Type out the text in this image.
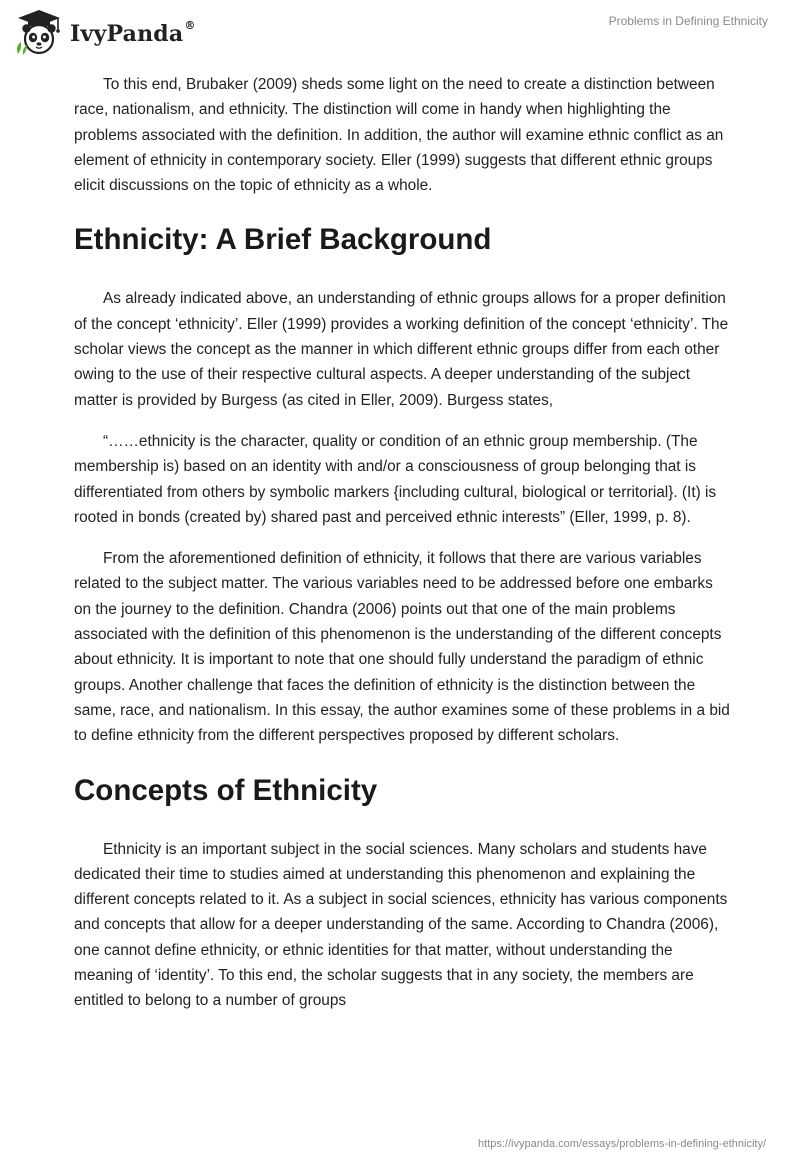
IvyPanda®	Problems in Defining Ethnicity

To this end, Brubaker (2009) sheds some light on the need to create a distinction between race, nationalism, and ethnicity. The distinction will come in handy when highlighting the problems associated with the definition. In addition, the author will examine ethnic conflict as an element of ethnicity in contemporary society. Eller (1999) suggests that different ethnic groups elicit discussions on the topic of ethnicity as a whole.

Ethnicity: A Brief Background

As already indicated above, an understanding of ethnic groups allows for a proper definition of the concept ‘ethnicity’. Eller (1999) provides a working definition of the concept ‘ethnicity’. The scholar views the concept as the manner in which different ethnic groups differ from each other owing to the use of their respective cultural aspects. A deeper understanding of the subject matter is provided by Burgess (as cited in Eller, 2009). Burgess states,

“……ethnicity is the character, quality or condition of an ethnic group membership. (The membership is) based on an identity with and/or a consciousness of group belonging that is differentiated from others by symbolic markers {including cultural, biological or territorial}. (It) is rooted in bonds (created by) shared past and perceived ethnic interests” (Eller, 1999, p. 8).

From the aforementioned definition of ethnicity, it follows that there are various variables related to the subject matter. The various variables need to be addressed before one embarks on the journey to the definition. Chandra (2006) points out that one of the main problems associated with the definition of this phenomenon is the understanding of the different concepts about ethnicity. It is important to note that one should fully understand the paradigm of ethnic groups. Another challenge that faces the definition of ethnicity is the distinction between the same, race, and nationalism. In this essay, the author examines some of these problems in a bid to define ethnicity from the different perspectives proposed by different scholars.

Concepts of Ethnicity

Ethnicity is an important subject in the social sciences. Many scholars and students have dedicated their time to studies aimed at understanding this phenomenon and explaining the different concepts related to it. As a subject in social sciences, ethnicity has various components and concepts that allow for a deeper understanding of the same. According to Chandra (2006), one cannot define ethnicity, or ethnic identities for that matter, without understanding the meaning of ‘identity’. To this end, the scholar suggests that in any society, the members are entitled to belong to a number of groups

https://ivypanda.com/essays/problems-in-defining-ethnicity/
